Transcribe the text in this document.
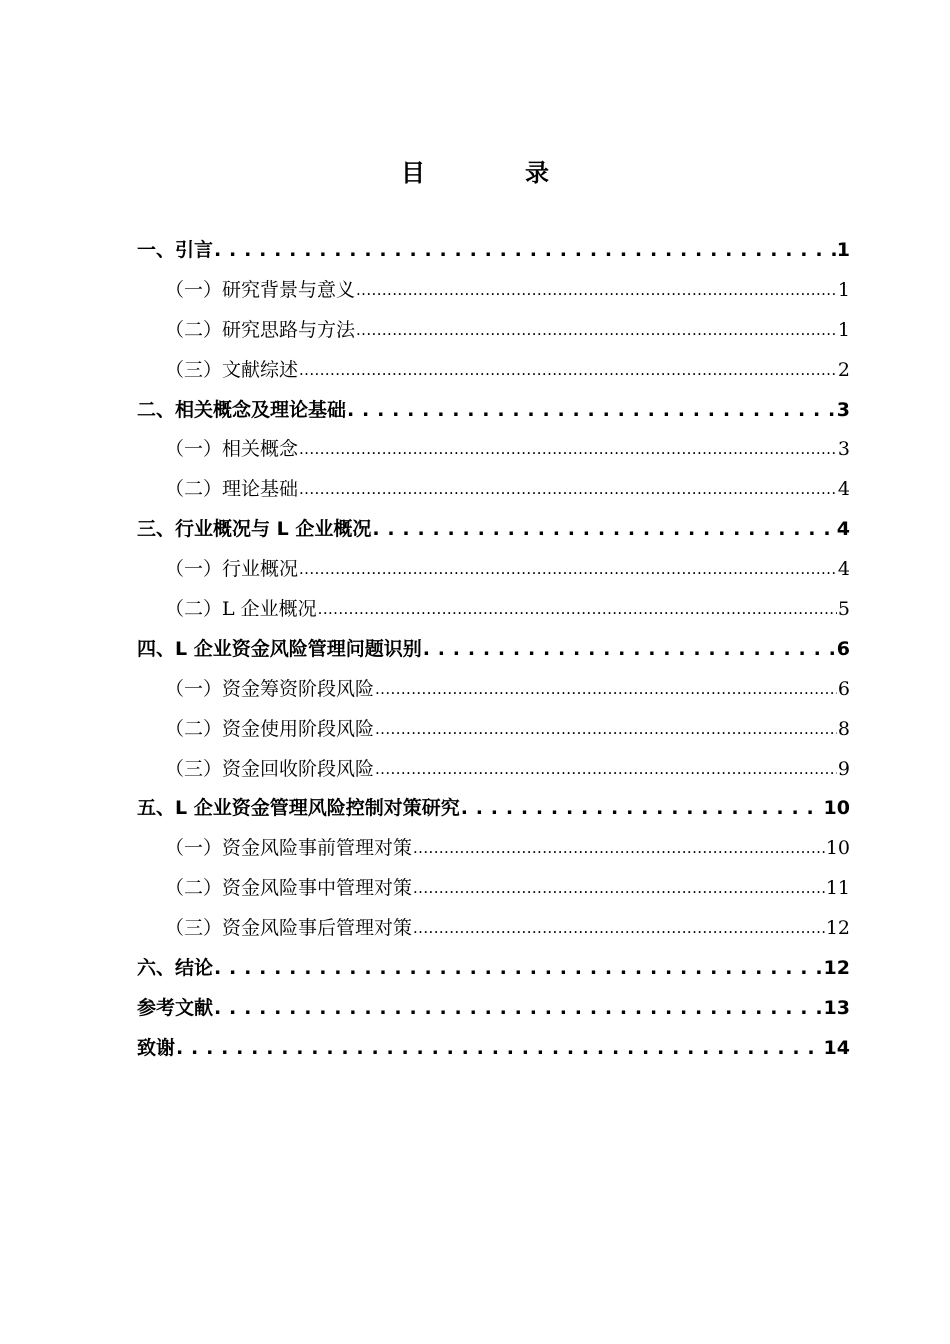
目	录
一、引言 . . .	1
（一）研究背景与意义 .....	1
（二）研究思路与方法 .....	1
（三）文献综述 .....	2
二、相关概念及理论基础 . . .	3
（一）相关概念 .....	3
（二）理论基础 .....	4
三、行业概况与 L 企业概况 . . .	4
（一）行业概况 .....	4
（二）L 企业概况 .....	5
四、L 企业资金风险管理问题识别 . . .	6
（一）资金筹资阶段风险 .....	6
（二）资金使用阶段风险 .....	8
（三）资金回收阶段风险 .....	9
五、L 企业资金管理风险控制对策研究 . . .	10
（一）资金风险事前管理对策 .....	10
（二）资金风险事中管理对策 .....	11
（三）资金风险事后管理对策 .....	12
六、结论 . . .	12
参考文献 . . .	13
致谢 . . .	14
